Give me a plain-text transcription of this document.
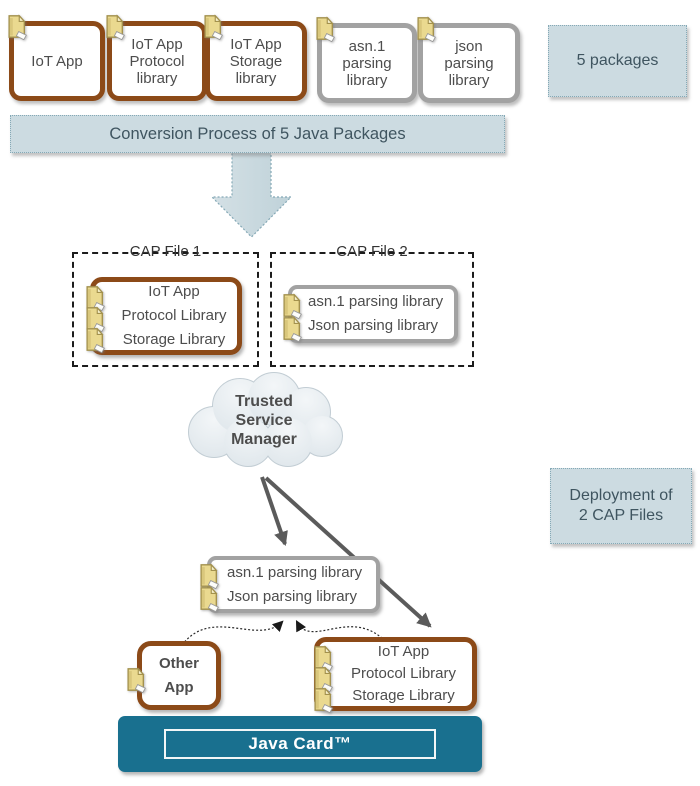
IoT App
IoT App
Protocol
library
IoT App
Storage
library
asn.1
parsing
library
json
parsing
library
5 packages
Conversion Process of 5 Java Packages
CAP File 1
IoT App
Protocol Library
Storage Library
CAP File 2
asn.1 parsing library
Json parsing library
Trusted
Service
Manager
Deployment of
2 CAP Files
asn.1 parsing library
Json parsing library
Other
App
IoT App
Protocol Library
Storage Library
Java Card™
